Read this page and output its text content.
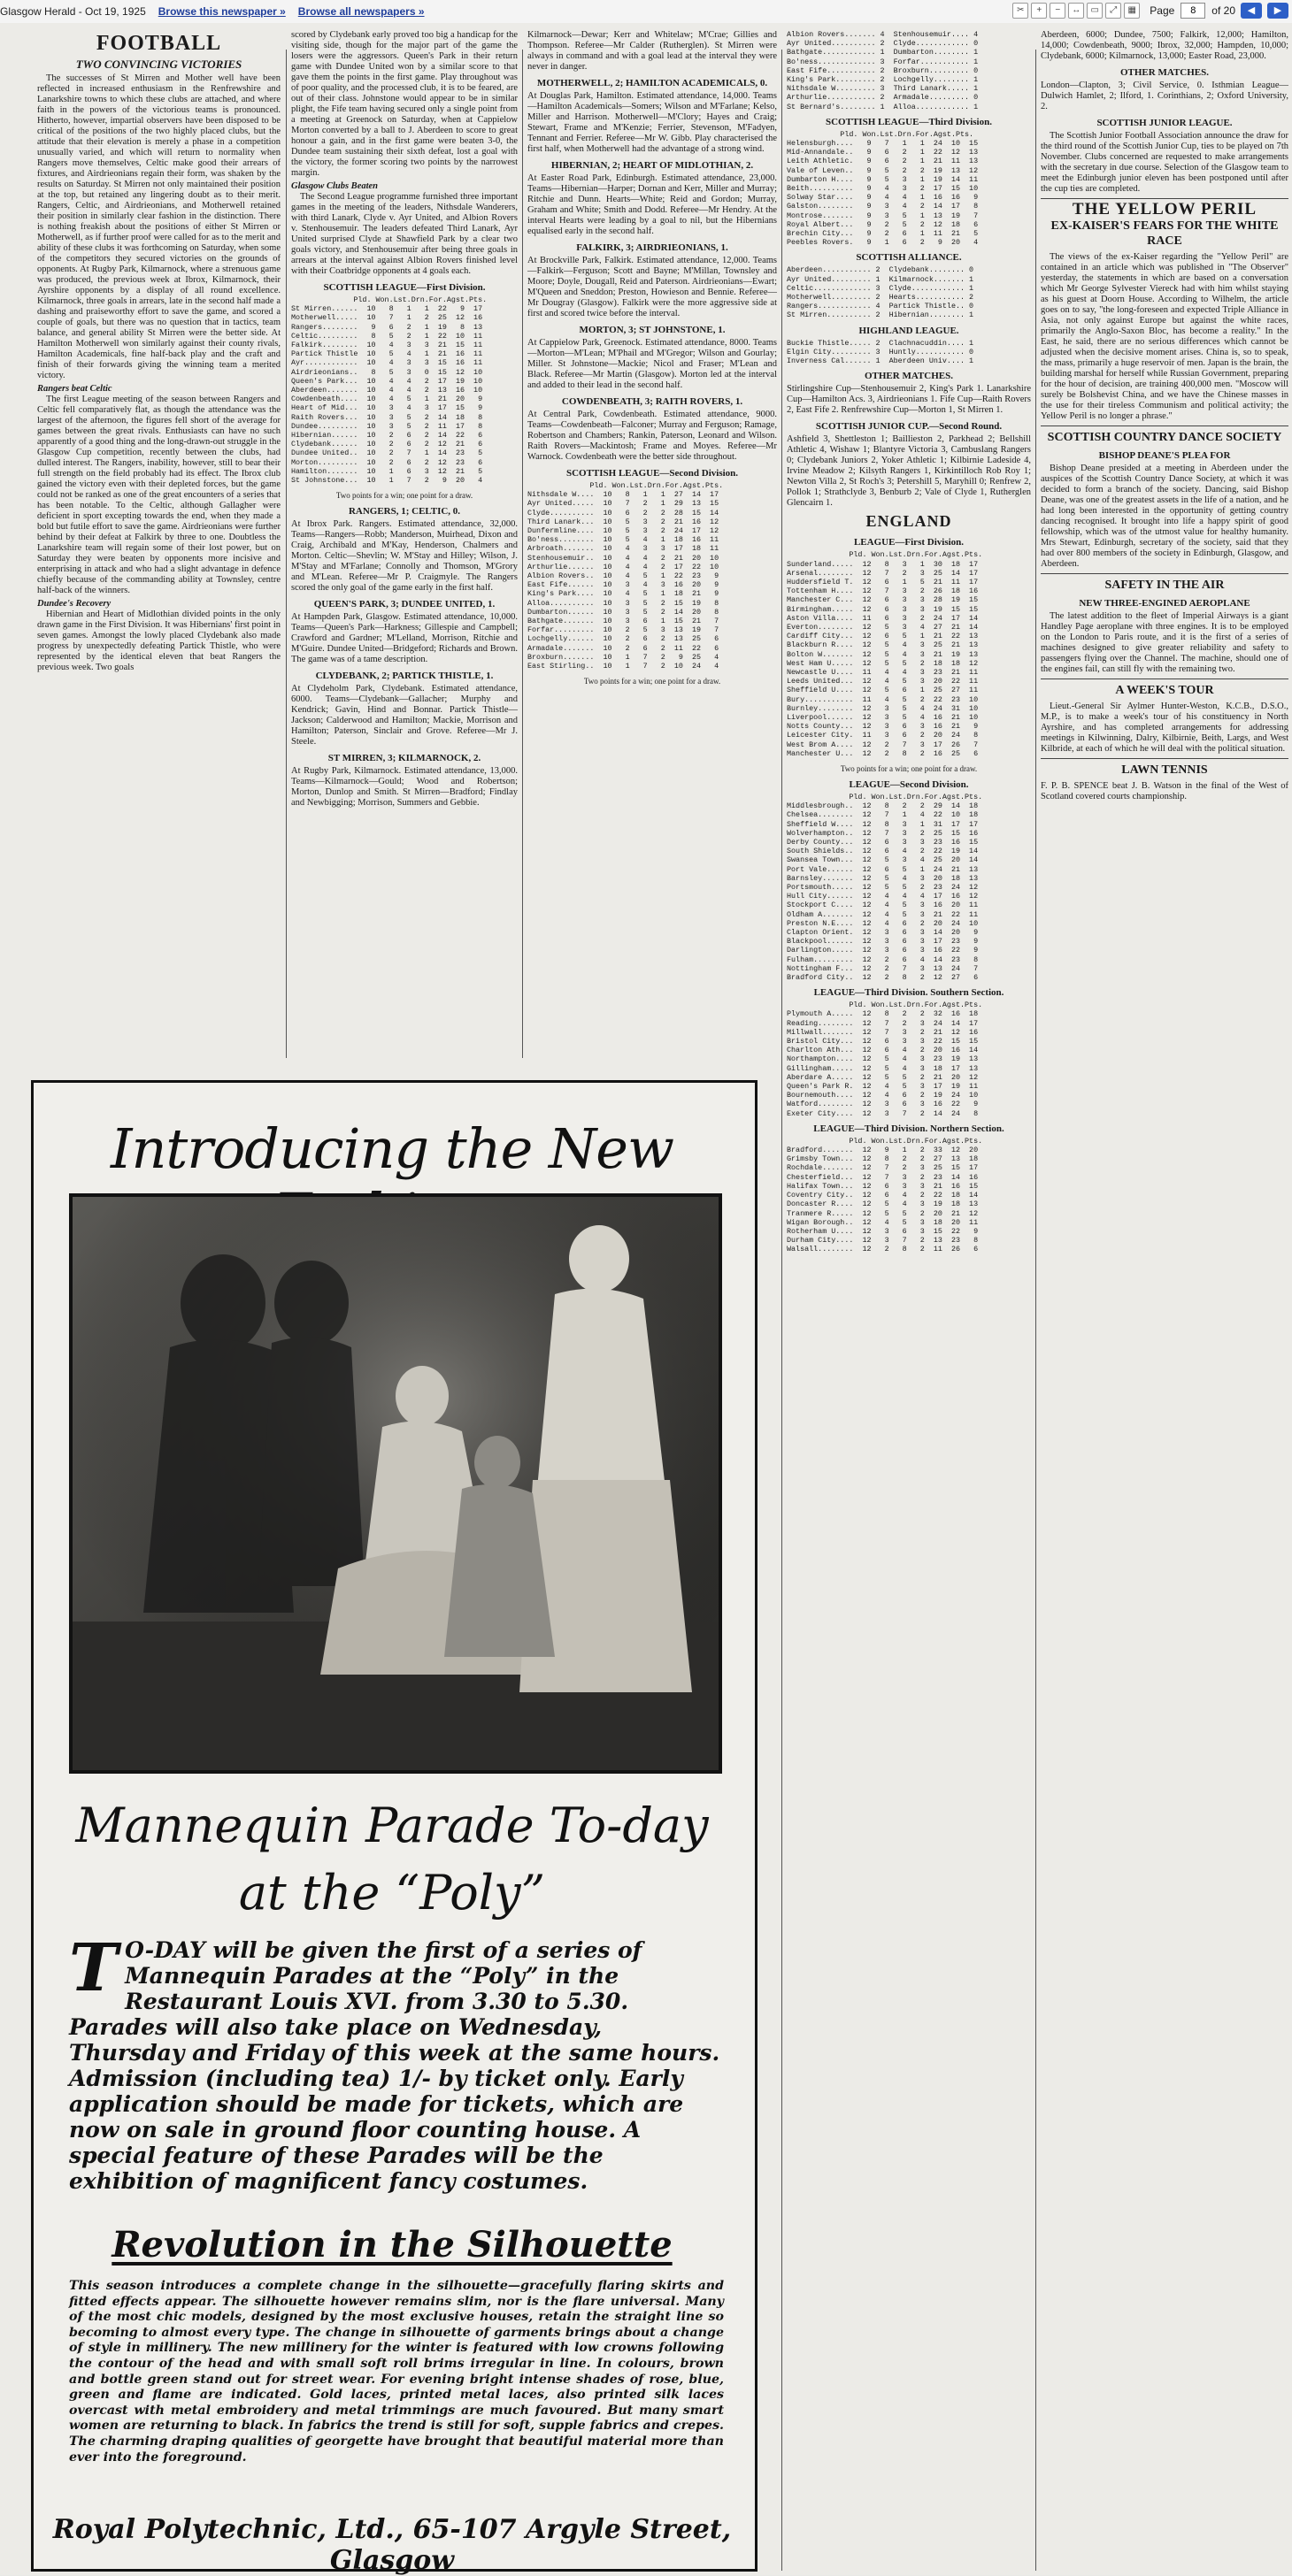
Glasgow Herald - Oct 19, 1925 Browse this newspaper » Browse all newspapers »	✂	+	−	↔	▭	⤢	▦	Page
8	of 20	◀	▶
FOOTBALL
TWO CONVINCING VICTORIES

The successes of St Mirren and Mother well have been reflected in increased enthusiasm in the Renfrewshire and Lanarkshire towns to which these clubs are attached, and where faith in the powers of the victorious teams is pronounced. Hitherto, however, impartial observers have been disposed to be critical of the positions of the two highly placed clubs, but the attitude that their elevation is merely a phase in a competition unusually varied, and which will return to normality when Rangers move themselves, Celtic make good their arrears of fixtures, and Airdrieonians regain their form, was shaken by the results on Saturday. St Mirren not only maintained their position at the top, but retained any lingering doubt as to their merit. Rangers, Celtic, and Airdrieonians, and Motherwell retained their position in similarly clear fashion in the distinction. There is nothing freakish about the positions of either St Mirren or Motherwell, as if further proof were called for as to the merit and ability of these clubs it was forthcoming on Saturday, when some of the competitors they secured victories on the grounds of opponents. At Rugby Park, Kilmarnock, where a strenuous game was produced, the previous week at Ibrox, Kilmarnock, their Ayrshire opponents by a display of all round excellence. Kilmarnock, three goals in arrears, late in the second half made a dashing and praiseworthy effort to save the game, and scored a couple of goals, but there was no question that in tactics, team balance, and general ability St Mirren were the better side. At Hamilton Motherwell won similarly against their county rivals, Hamilton Academicals, fine half-back play and the craft and finish of their forwards giving the winning team a merited victory.

Rangers beat Celtic

The first League meeting of the season between Rangers and Celtic fell comparatively flat, as though the attendance was the largest of the afternoon, the figures fell short of the average for games between the great rivals. Enthusiasts can have no such apparently of a good thing and the long-drawn-out struggle in the Glasgow Cup competition, recently between the clubs, had dulled interest. The Rangers, inability, however, still to bear their full strength on the field probably had its effect. The Ibrox club gained the victory even with their depleted forces, but the game could not be ranked as one of the great encounters of a series that has been notable. To the Celtic, although Gallagher were deficient in sport excepting towards the end, when they made a bold but futile effort to save the game. Airdrieonians were further behind by their defeat at Falkirk by three to one. Doubtless the Lanarkshire team will regain some of their lost power, but on Saturday they were beaten by opponents more incisive and enterprising in attack and who had a slight advantage in defence chiefly because of the commanding ability at Townsley, centre half-back of the winners.

Dundee's Recovery

Hibernian and Heart of Midlothian divided points in the only drawn game in the First Division. It was Hibernians' first point in seven games. Amongst the lowly placed Clydebank also made progress by unexpectedly defeating Partick Thistle, who were represented by the identical eleven that beat Rangers the previous week. Two goals

scored by Clydebank early proved too big a handicap for the visiting side, though for the major part of the game the losers were the aggressors. Queen's Park in their return game with Dundee United won by a similar score to that gave them the points in the first game. Play throughout was of poor quality, and the processed club, it is to be feared, are out of their class. Johnstone would appear to be in similar plight, the Fife team having secured only a single point from a meeting at Greenock on Saturday, when at Cappielow Morton converted by a ball to J. Aberdeen to score to great honour a gain, and in the first game were beaten 3-0, the Dundee team sustaining their sixth defeat, lost a goal with the victory, the former scoring two points by the narrowest margin.

Glasgow Clubs Beaten

The Second League programme furnished three important games in the meeting of the leaders, Nithsdale Wanderers, with third Lanark, Clyde v. Ayr United, and Albion Rovers v. Stenhousemuir. The leaders defeated Third Lanark, Ayr United surprised Clyde at Shawfield Park by a clear two goals victory, and Stenhousemuir after being three goals in arrears at the interval against Albion Rovers finished level with their Coatbridge opponents at 4 goals each.

SCOTTISH LEAGUE—First Division.
Pld. Won.Lst.Drn.For.Agst.Pts.
St Mirren......  10   8   1   1  22   9  17
Motherwell.....  10   7   1   2  25  12  16
Rangers........   9   6   2   1  19   8  13
Celtic.........   8   5   2   1  22  10  11
Falkirk........  10   4   3   3  21  15  11
Partick Thistle  10   5   4   1  21  16  11
Ayr............  10   4   3   3  15  16  11
Airdrieonians..   8   5   3   0  15  12  10
Queen's Park...  10   4   4   2  17  19  10
Aberdeen.......  10   4   4   2  13  16  10
Cowdenbeath....  10   4   5   1  21  20   9
Heart of Mid...  10   3   4   3  17  15   9
Raith Rovers...  10   3   5   2  14  18   8
Dundee.........  10   3   5   2  11  17   8
Hibernian......  10   2   6   2  14  22   6
Clydebank......  10   2   6   2  12  21   6
Dundee United..  10   2   7   1  14  23   5
Morton.........  10   2   6   2  12  23   6
Hamilton.......  10   1   6   3  12  21   5
St Johnstone...  10   1   7   2   9  20   4
Two points for a win; one point for a draw.
RANGERS, 1; CELTIC, 0.

At Ibrox Park. Rangers. Estimated attendance, 32,000. Teams—Rangers—Robb; Manderson, Muirhead, Dixon and Craig, Archibald and M'Kay, Henderson, Chalmers and Morton. Celtic—Shevlin; W. M'Stay and Hilley; Wilson, J. M'Stay and M'Farlane; Connolly and Thomson, M'Grory and M'Lean. Referee—Mr P. Craigmyle. The Rangers scored the only goal of the game early in the first half.

QUEEN'S PARK, 3; DUNDEE UNITED, 1.

At Hampden Park, Glasgow. Estimated attendance, 10,000. Teams—Queen's Park—Harkness; Gillespie and Campbell; Crawford and Gardner; M'Lelland, Morrison, Ritchie and M'Guire. Dundee United—Bridgeford; Richards and Brown. The game was of a tame description.

CLYDEBANK, 2; PARTICK THISTLE, 1.

At Clydeholm Park, Clydebank. Estimated attendance, 6000. Teams—Clydebank—Gallacher; Murphy and Kendrick; Gavin, Hind and Bonnar. Partick Thistle—Jackson; Calderwood and Hamilton; Mackie, Morrison and Hamilton; Paterson, Sinclair and Grove. Referee—Mr J. Steele.

ST MIRREN, 3; KILMARNOCK, 2.

At Rugby Park, Kilmarnock. Estimated attendance, 13,000. Teams—Kilmarnock—Gould; Wood and Robertson; Morton, Dunlop and Smith. St Mirren—Bradford; Findlay and Newbigging; Morrison, Summers and Gebbie.

Kilmarnock—Dewar; Kerr and Whitelaw; M'Crae; Gillies and Thompson. Referee—Mr Calder (Rutherglen). St Mirren were always in command and with a goal lead at the interval they were never in danger.

MOTHERWELL, 2; HAMILTON ACADEMICALS, 0.

At Douglas Park, Hamilton. Estimated attendance, 14,000. Teams—Hamilton Academicals—Somers; Wilson and M'Farlane; Kelso, Miller and Harrison. Motherwell—M'Clory; Hayes and Craig; Stewart, Frame and M'Kenzie; Ferrier, Stevenson, M'Fadyen, Tennant and Ferrier. Referee—Mr W. Gibb. Play characterised the first half, when Motherwell had the advantage of a strong wind.

HIBERNIAN, 2; HEART OF MIDLOTHIAN, 2.

At Easter Road Park, Edinburgh. Estimated attendance, 23,000. Teams—Hibernian—Harper; Dornan and Kerr, Miller and Murray; Ritchie and Dunn. Hearts—White; Reid and Gordon; Murray, Graham and White; Smith and Dodd. Referee—Mr Hendry. At the interval Hearts were leading by a goal to nil, but the Hibernians equalised early in the second half.

FALKIRK, 3; AIRDRIEONIANS, 1.

At Brockville Park, Falkirk. Estimated attendance, 12,000. Teams—Falkirk—Ferguson; Scott and Bayne; M'Millan, Townsley and Moore; Doyle, Dougall, Reid and Paterson. Airdrieonians—Ewart; M'Queen and Sneddon; Preston, Howieson and Bennie. Referee—Mr Dougray (Glasgow). Falkirk were the more aggressive side at first and scored twice before the interval.

MORTON, 3; ST JOHNSTONE, 1.

At Cappielow Park, Greenock. Estimated attendance, 8000. Teams—Morton—M'Lean; M'Phail and M'Gregor; Wilson and Gourlay; Miller. St Johnstone—Mackie; Nicol and Fraser; M'Lean and Black. Referee—Mr Martin (Glasgow). Morton led at the interval and added to their lead in the second half.

COWDENBEATH, 3; RAITH ROVERS, 1.

At Central Park, Cowdenbeath. Estimated attendance, 9000. Teams—Cowdenbeath—Falconer; Murray and Ferguson; Ramage, Robertson and Chambers; Rankin, Paterson, Leonard and Wilson. Raith Rovers—Mackintosh; Frame and Moyes. Referee—Mr Warnock. Cowdenbeath were the better side throughout.

SCOTTISH LEAGUE—Second Division.
Pld. Won.Lst.Drn.For.Agst.Pts.
Nithsdale W....  10   8   1   1  27  14  17
Ayr United.....  10   7   2   1  29  13  15
Clyde..........  10   6   2   2  28  15  14
Third Lanark...  10   5   3   2  21  16  12
Dunfermline....  10   5   3   2  24  17  12
Bo'ness........  10   5   4   1  18  16  11
Arbroath.......  10   4   3   3  17  18  11
Stenhousemuir..  10   4   4   2  21  20  10
Arthurlie......  10   4   4   2  17  22  10
Albion Rovers..  10   4   5   1  22  23   9
East Fife......  10   3   4   3  16  20   9
King's Park....  10   4   5   1  18  21   9
Alloa..........  10   3   5   2  15  19   8
Dumbarton......  10   3   5   2  14  20   8
Bathgate.......  10   3   6   1  15  21   7
Forfar.........  10   2   5   3  13  19   7
Lochgelly......  10   2   6   2  13  25   6
Armadale.......  10   2   6   2  11  22   6
Broxburn.......  10   1   7   2   9  25   4
East Stirling..  10   1   7   2  10  24   4
Two points for a win; one point for a draw.
Albion Rovers....... 4  Stenhousemuir.... 4
Ayr United.......... 2  Clyde............ 0
Bathgate............ 1  Dumbarton........ 1
Bo'ness............. 3  Forfar........... 1
East Fife........... 2  Broxburn......... 0
King's Park......... 2  Lochgelly........ 1
Nithsdale W......... 3  Third Lanark..... 1
Arthurlie........... 2  Armadale......... 0
St Bernard's........ 1  Alloa............ 1
SCOTTISH LEAGUE—Third Division.
Pld. Won.Lst.Drn.For.Agst.Pts.
Helensburgh....   9   7   1   1  24  10  15
Mid-Annandale..   9   6   2   1  22  12  13
Leith Athletic.   9   6   2   1  21  11  13
Vale of Leven..   9   5   2   2  19  13  12
Dumbarton H....   9   5   3   1  19  14  11
Beith..........   9   4   3   2  17  15  10
Solway Star....   9   4   4   1  16  16   9
Galston........   9   3   4   2  14  17   8
Montrose.......   9   3   5   1  13  19   7
Royal Albert...   9   2   5   2  12  18   6
Brechin City...   9   2   6   1  11  21   5
Peebles Rovers.   9   1   6   2   9  20   4
SCOTTISH ALLIANCE.
Aberdeen........... 2  Clydebank........ 0
Ayr United......... 1  Kilmarnock....... 1
Celtic............. 3  Clyde............ 1
Motherwell......... 2  Hearts........... 2
Rangers............ 4  Partick Thistle.. 0
St Mirren.......... 2  Hibernian........ 1
HIGHLAND LEAGUE.
Buckie Thistle..... 2  Clachnacuddin.... 1
Elgin City......... 3  Huntly........... 0
Inverness Cal...... 1  Aberdeen Univ.... 1
OTHER MATCHES.

Stirlingshire Cup—Stenhousemuir 2, King's Park 1. Lanarkshire Cup—Hamilton Acs. 3, Airdrieonians 1. Fife Cup—Raith Rovers 2, East Fife 2. Renfrewshire Cup—Morton 1, St Mirren 1.

SCOTTISH JUNIOR CUP.—Second Round.

Ashfield 3, Shettleston 1; Baillieston 2, Parkhead 2; Bellshill Athletic 4, Wishaw 1; Blantyre Victoria 3, Cambuslang Rangers 0; Clydebank Juniors 2, Yoker Athletic 1; Kilbirnie Ladeside 4, Irvine Meadow 2; Kilsyth Rangers 1, Kirkintilloch Rob Roy 1; Newton Villa 2, St Roch's 3; Petershill 5, Maryhill 0; Renfrew 2, Pollok 1; Strathclyde 3, Benburb 2; Vale of Clyde 1, Rutherglen Glencairn 1.

ENGLAND
LEAGUE—First Division.
Pld. Won.Lst.Drn.For.Agst.Pts.
Sunderland.....  12   8   3   1  30  18  17
Arsenal........  12   7   2   3  25  14  17
Huddersfield T.  12   6   1   5  21  11  17
Tottenham H....  12   7   3   2  26  18  16
Manchester C...  12   6   3   3  28  19  15
Birmingham.....  12   6   3   3  19  15  15
Aston Villa....  11   6   3   2  24  17  14
Everton........  12   5   3   4  27  21  14
Cardiff City...  12   6   5   1  21  22  13
Blackburn R....  12   5   4   3  25  21  13
Bolton W.......  12   5   4   3  21  19  13
West Ham U.....  12   5   5   2  18  18  12
Newcastle U....  11   4   4   3  23  21  11
Leeds United...  12   4   5   3  20  22  11
Sheffield U....  12   5   6   1  25  27  11
Bury...........  11   4   5   2  22  23  10
Burnley........  12   3   5   4  24  31  10
Liverpool......  12   3   5   4  16  21  10
Notts County...  12   3   6   3  16  21   9
Leicester City.  11   3   6   2  20  24   8
West Brom A....  12   2   7   3  17  26   7
Manchester U...  12   2   8   2  16  25   6
Two points for a win; one point for a draw.
LEAGUE—Second Division.
Pld. Won.Lst.Drn.For.Agst.Pts.
Middlesbrough..  12   8   2   2  29  14  18
Chelsea........  12   7   1   4  22  10  18
Sheffield W....  12   8   3   1  31  17  17
Wolverhampton..  12   7   3   2  25  15  16
Derby County...  12   6   3   3  23  16  15
South Shields..  12   6   4   2  22  19  14
Swansea Town...  12   5   3   4  25  20  14
Port Vale......  12   6   5   1  24  21  13
Barnsley.......  12   5   4   3  20  18  13
Portsmouth.....  12   5   5   2  23  24  12
Hull City......  12   4   4   4  17  16  12
Stockport C....  12   4   5   3  16  20  11
Oldham A.......  12   4   5   3  21  22  11
Preston N.E....  12   4   6   2  20  24  10
Clapton Orient.  12   3   6   3  14  20   9
Blackpool......  12   3   6   3  17  23   9
Darlington.....  12   3   6   3  16  22   9
Fulham.........  12   2   6   4  14  23   8
Nottingham F...  12   2   7   3  13  24   7
Bradford City..  12   2   8   2  12  27   6
LEAGUE—Third Division. Southern Section.
Pld. Won.Lst.Drn.For.Agst.Pts.
Plymouth A.....  12   8   2   2  32  16  18
Reading........  12   7   2   3  24  14  17
Millwall.......  12   7   3   2  21  12  16
Bristol City...  12   6   3   3  22  15  15
Charlton Ath...  12   6   4   2  20  16  14
Northampton....  12   5   4   3  23  19  13
Gillingham.....  12   5   4   3  18  17  13
Aberdare A.....  12   5   5   2  21  20  12
Queen's Park R.  12   4   5   3  17  19  11
Bournemouth....  12   4   6   2  19  24  10
Watford........  12   3   6   3  16  22   9
Exeter City....  12   3   7   2  14  24   8
LEAGUE—Third Division. Northern Section.
Pld. Won.Lst.Drn.For.Agst.Pts.
Bradford.......  12   9   1   2  33  12  20
Grimsby Town...  12   8   2   2  27  13  18
Rochdale.......  12   7   2   3  25  15  17
Chesterfield...  12   7   3   2  23  14  16
Halifax Town...  12   6   3   3  21  16  15
Coventry City..  12   6   4   2  22  18  14
Doncaster R....  12   5   4   3  19  18  13
Tranmere R.....  12   5   5   2  20  21  12
Wigan Borough..  12   4   5   3  18  20  11
Rotherham U....  12   3   6   3  15  22   9
Durham City....  12   3   7   2  13  23   8
Walsall........  12   2   8   2  11  26   6

Aberdeen, 6000; Dundee, 7500; Falkirk, 12,000; Hamilton, 14,000; Cowdenbeath, 9000; Ibrox, 32,000; Hampden, 10,000; Clydebank, 6000; Kilmarnock, 13,000; Easter Road, 23,000.

OTHER MATCHES.

London—Clapton, 3; Civil Service, 0. Isthmian League—Dulwich Hamlet, 2; Ilford, 1. Corinthians, 2; Oxford University, 2.

SCOTTISH JUNIOR LEAGUE.

The Scottish Junior Football Association announce the draw for the third round of the Scottish Junior Cup, ties to be played on 7th November. Clubs concerned are requested to make arrangements with the secretary in due course. Selection of the Glasgow team to meet the Edinburgh junior eleven has been postponed until after the cup ties are completed.

THE YELLOW PERIL
EX-KAISER'S FEARS FOR THE WHITE RACE

The views of the ex-Kaiser regarding the "Yellow Peril" are contained in an article which was published in "The Observer" yesterday, the statements in which are based on a conversation which Mr George Sylvester Viereck had with him whilst staying as his guest at Doorn House. According to Wilhelm, the article goes on to say, "the long-foreseen and expected Triple Alliance in Asia, not only against Europe but against the white races, primarily the Anglo-Saxon Bloc, has become a reality." In the East, he said, there are no serious differences which cannot be adjusted when the decisive moment arises. China is, so to speak, the mass, primarily a huge reservoir of men. Japan is the brain, the building marshal for herself while Russian Government, preparing for the hour of decision, are training 400,000 men. "Moscow will surely be Bolshevist China, and we have the Chinese masses in the use for their tireless Communism and political activity; the Yellow Peril is no longer a phrase."

SCOTTISH COUNTRY DANCE SOCIETY
BISHOP DEANE'S PLEA FOR

Bishop Deane presided at a meeting in Aberdeen under the auspices of the Scottish Country Dance Society, at which it was decided to form a branch of the society. Dancing, said Bishop Deane, was one of the greatest assets in the life of a nation, and he had long been interested in the opportunity of getting country dancing recognised. It brought into life a happy spirit of good fellowship, which was of the utmost value for healthy humanity. Mrs Stewart, Edinburgh, secretary of the society, said that they had over 800 members of the society in Edinburgh, Glasgow, and Aberdeen.

SAFETY IN THE AIR
NEW THREE-ENGINED AEROPLANE

The latest addition to the fleet of Imperial Airways is a giant Handley Page aeroplane with three engines. It is to be employed on the London to Paris route, and it is the first of a series of machines designed to give greater reliability and safety to passengers flying over the Channel. The machine, should one of the engines fail, can still fly with the remaining two.

A WEEK'S TOUR

Lieut.-General Sir Aylmer Hunter-Weston, K.C.B., D.S.O., M.P., is to make a week's tour of his constituency in North Ayrshire, and has completed arrangements for addressing meetings in Kilwinning, Dalry, Kilbirnie, Beith, Largs, and West Kilbride, at each of which he will deal with the political situation.

LAWN TENNIS

F. P. B. SPENCE beat J. B. Watson in the final of the West of Scotland covered courts championship.

Introducing the New
Mannequin Parade To-day
at the “Poly”
T O-DAY will be given the first of a series of Mannequin Parades at the “Poly” in the Restaurant Louis XVI. from 3.30 to 5.30. Parades will also take place on Wednesday, Thursday and Friday of this week at the same hours. Admission (including tea) 1/- by ticket only. Early application should be made for tickets, which are now on sale in ground floor counting house. A special feature of these Parades will be the exhibition of magnificent fancy costumes.
Revolution in the Silhouette
This season introduces a complete change in the silhouette—gracefully flaring skirts and fitted effects appear. The silhouette however remains slim, nor is the flare universal. Many of the most chic models, designed by the most exclusive houses, retain the straight line so becoming to almost every type. The change in silhouette of garments brings about a change of style in millinery. The new millinery for the winter is featured with low crowns following the contour of the head and with small soft roll brims irregular in line. In colours, brown and bottle green stand out for street wear. For evening bright intense shades of rose, blue, green and flame are indicated. Gold laces, printed metal laces, also printed silk laces overcast with metal embroidery and metal trimmings are much favoured. But many smart women are returning to black. In fabrics the trend is still for soft, supple fabrics and crepes. The charming draping qualities of georgette have brought that beautiful material more than ever into the foreground.
Royal Polytechnic, Ltd., 65-107 Argyle Street, Glasgow
